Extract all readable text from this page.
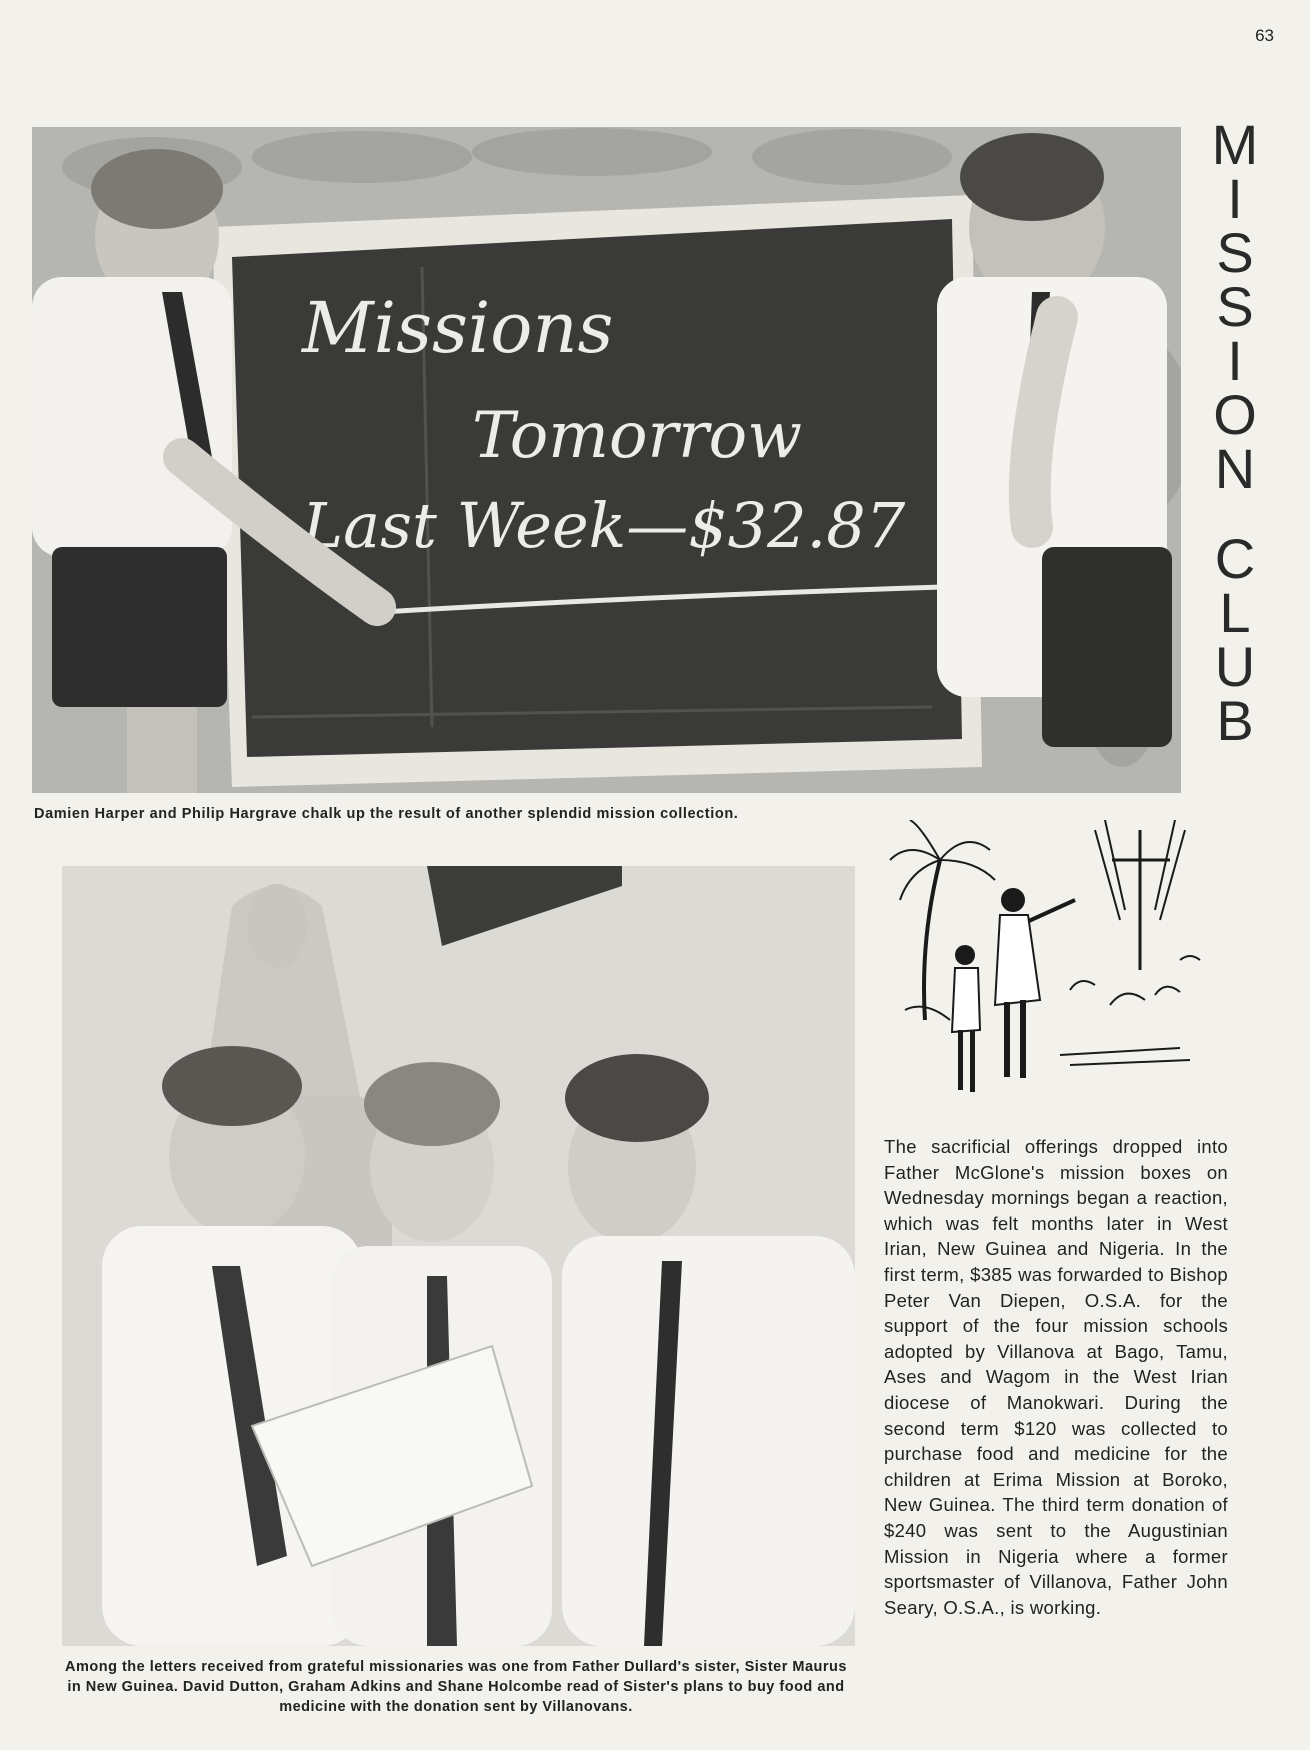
63
Missions
Tomorrow
Last Week—$32.87
M
I
S
S
I
O
N
C
L
U
B
Damien Harper and Philip Hargrave chalk up the result of another splendid mission collection.
Among the letters received from grateful missionaries was one from Father Dullard's sister, Sister Maurus in New Guinea. David Dutton, Graham Adkins and Shane Holcombe read of Sister's plans to buy food and medicine with the donation sent by Villanovans.
The sacrificial offerings dropped into Father McGlone's mission boxes on Wednesday mornings began a reaction, which was felt months later in West Irian, New Guinea and Nigeria. In the first term, $385 was forwarded to Bishop Peter Van Diepen, O.S.A. for the support of the four mission schools adopted by Villanova at Bago, Tamu, Ases and Wagom in the West Irian diocese of Manokwari. During the second term $120 was collected to purchase food and medicine for the children at Erima Mission at Boroko, New Guinea. The third term donation of $240 was sent to the Augustinian Mission in Nigeria where a former sportsmaster of Villanova, Father John Seary, O.S.A., is working.
